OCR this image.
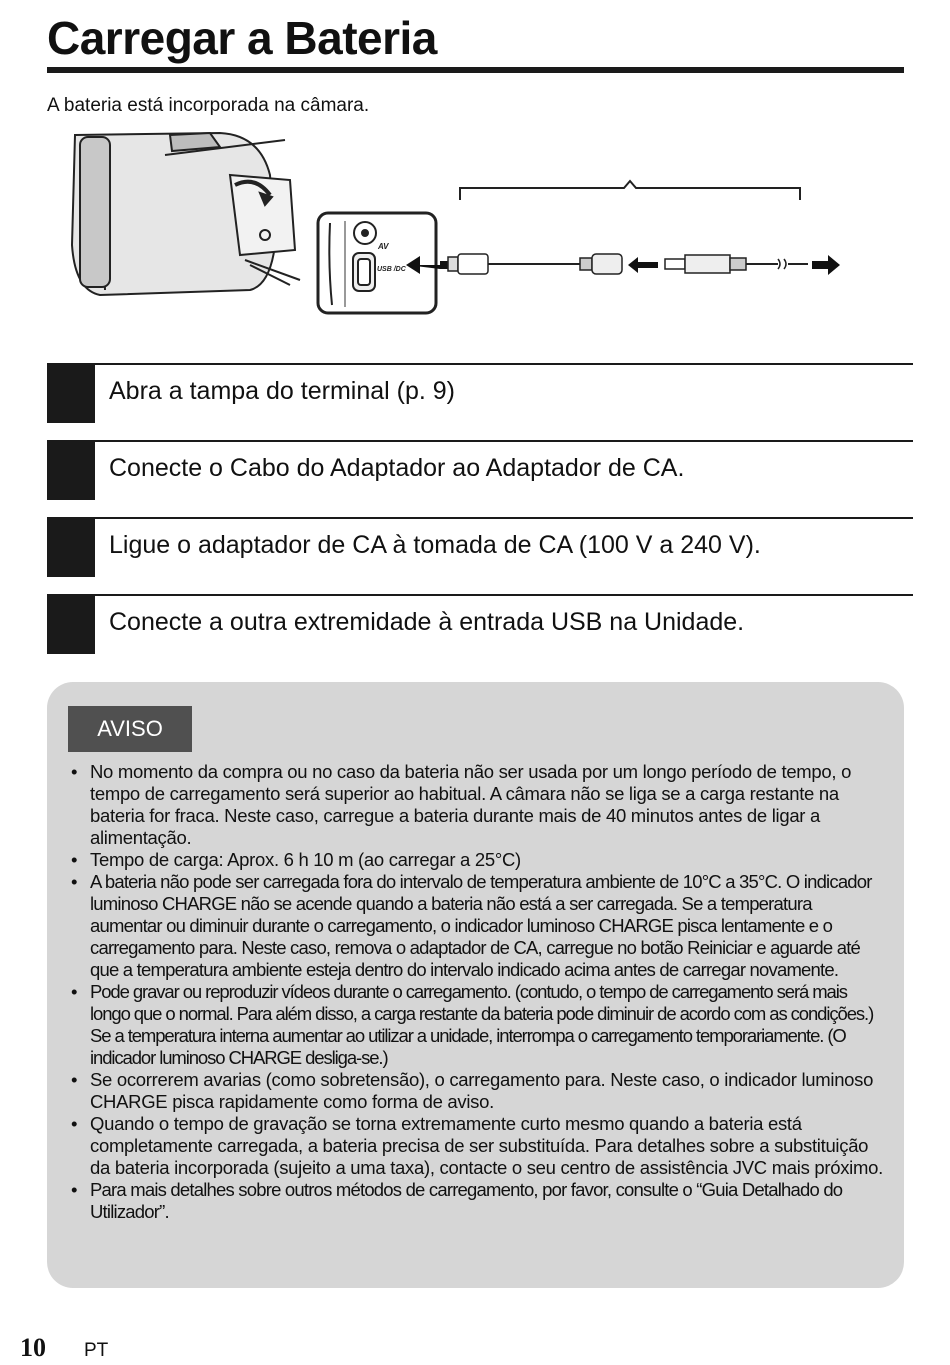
Carregar a Bateria
A bateria está incorporada na câmara.
AV
USB /DC
Abra a tampa do terminal (p. 9)
Conecte o Cabo do Adaptador ao Adaptador de CA.
Ligue o adaptador de CA à tomada de CA (100 V a 240 V).
Conecte a outra extremidade à entrada USB na Unidade.
AVISO
• No momento da compra ou no caso da bateria não ser usada por um longo período de tempo, o tempo de carregamento será superior ao habitual. A câmara não se liga se a carga restante na bateria for fraca. Neste caso, carregue a bateria durante mais de 40 minutos antes de ligar a alimentação.
• Tempo de carga: Aprox. 6 h 10 m (ao carregar a 25°C)
• A bateria não pode ser carregada fora do intervalo de temperatura ambiente de 10°C a 35°C. O indicador luminoso CHARGE não se acende quando a bateria não está a ser carregada. Se a temperatura aumentar ou diminuir durante o carregamento, o indicador luminoso CHARGE pisca lentamente e o carregamento para. Neste caso, remova o adaptador de CA, carregue no botão Reiniciar e aguarde até que a temperatura ambiente esteja dentro do intervalo indicado acima antes de carregar novamente.
• Pode gravar ou reproduzir vídeos durante o carregamento. (contudo, o tempo de carregamento será mais longo que o normal. Para além disso, a carga restante da bateria pode diminuir de acordo com as condições.) Se a temperatura interna aumentar ao utilizar a unidade, interrompa o carregamento temporariamente. (O indicador luminoso CHARGE desliga-se.)
• Se ocorrerem avarias (como sobretensão), o carregamento para. Neste caso, o indicador luminoso CHARGE pisca rapidamente como forma de aviso.
• Quando o tempo de gravação se torna extremamente curto mesmo quando a bateria está completamente carregada, a bateria precisa de ser substituída. Para detalhes sobre a substituição da bateria incorporada (sujeito a uma taxa), contacte o seu centro de assistência JVC mais próximo.
• Para mais detalhes sobre outros métodos de carregamento, por favor, consulte o “Guia Detalhado do Utilizador”.
10 PT
